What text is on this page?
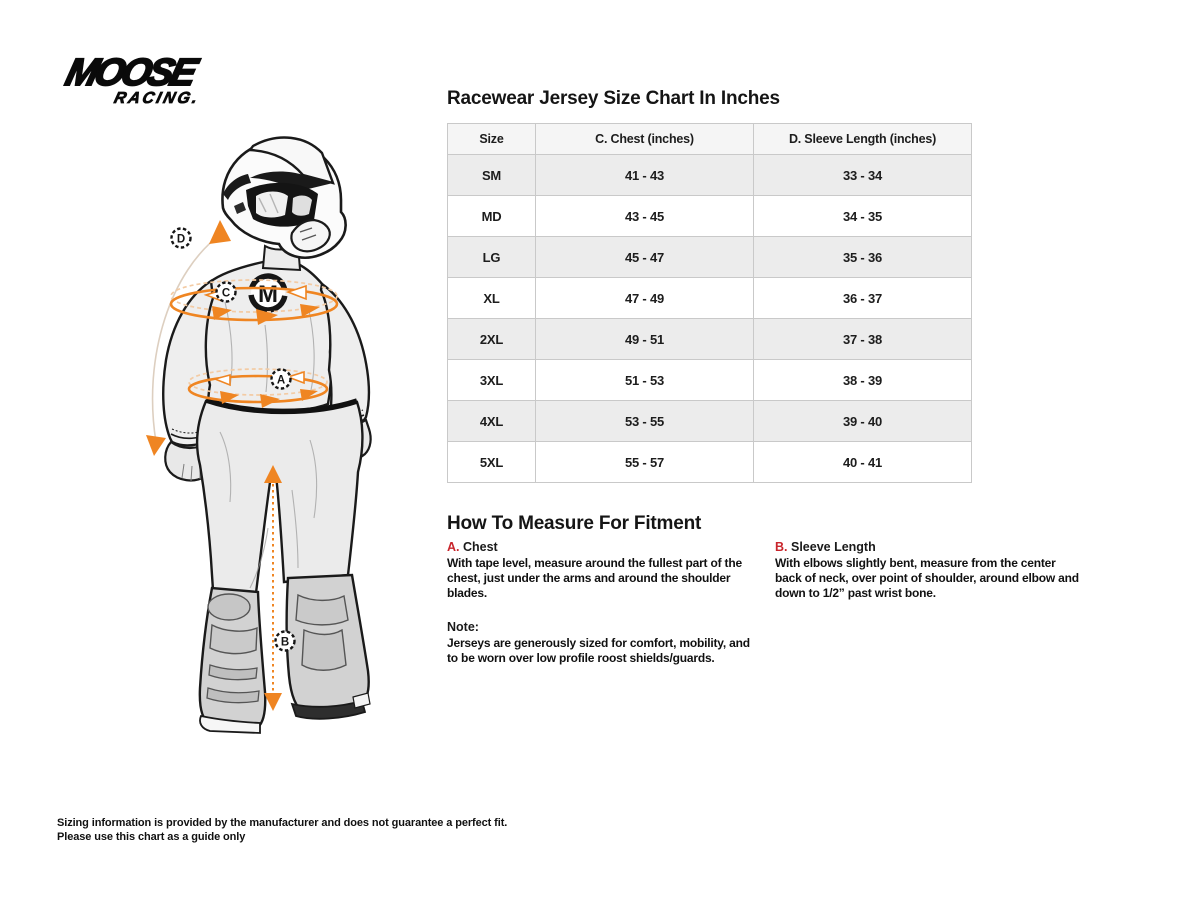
MOOSE
RACING.
M
D
C
A
B
Racewear Jersey Size Chart In Inches
Size	C. Chest (inches)	D. Sleeve Length (inches)
SM	41 - 43	33 - 34
MD	43 - 45	34 - 35
LG	45 - 47	35 - 36
XL	47 - 49	36 - 37
2XL	49 - 51	37 - 38
3XL	51 - 53	38 - 39
4XL	53 - 55	39 - 40
5XL	55 - 57	40 - 41
How To Measure For Fitment
A. Chest
With tape level, measure around the fullest part of the chest, just under the arms and around the shoulder blades.
B. Sleeve Length
With elbows slightly bent, measure from the center back of neck, over point of shoulder, around elbow and down to 1/2” past wrist bone.
Note:
Jerseys are generously sized for comfort, mobility, and to be worn over low profile roost shields/guards.
Sizing information is provided by the manufacturer and does not guarantee a perfect fit.
Please use this chart as a guide only
